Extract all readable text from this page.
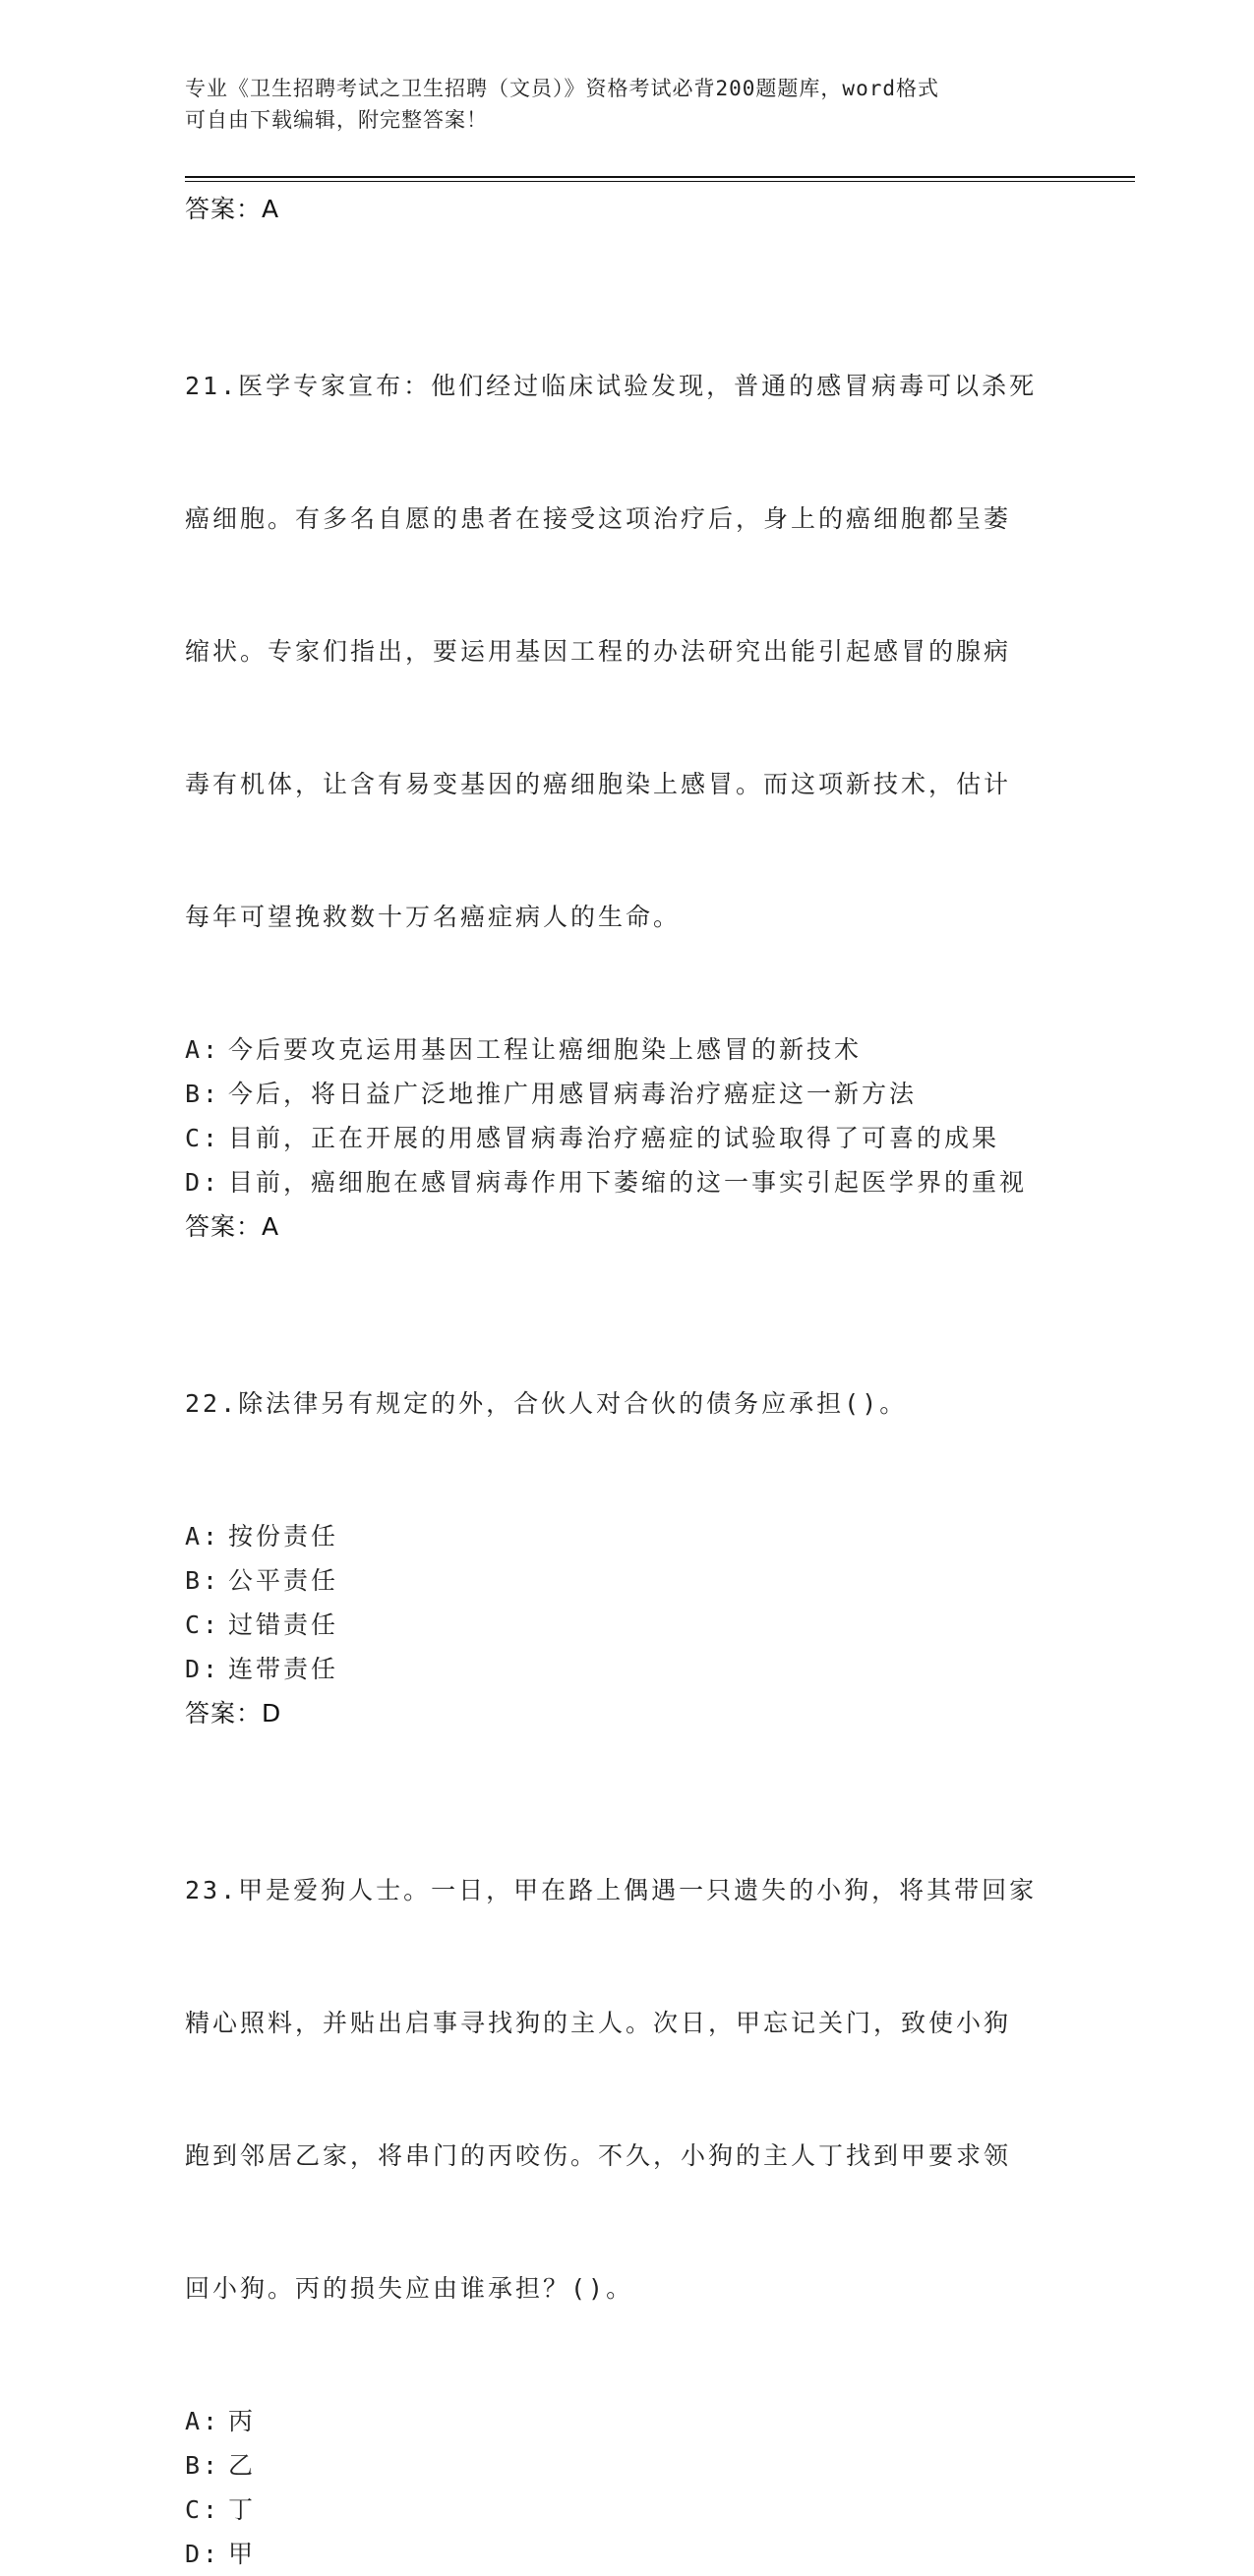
专业《卫生招聘考试之卫生招聘（文员）》资格考试必背200题题库，word格式
可自由下载编辑，附完整答案！
答案：A

21.医学专家宣布：他们经过临床试验发现，普通的感冒病毒可以杀死

癌细胞。有多名自愿的患者在接受这项治疗后，身上的癌细胞都呈萎

缩状。专家们指出，要运用基因工程的办法研究出能引起感冒的腺病

毒有机体，让含有易变基因的癌细胞染上感冒。而这项新技术，估计

每年可望挽救数十万名癌症病人的生命。

A: 今后要攻克运用基因工程让癌细胞染上感冒的新技术
B: 今后，将日益广泛地推广用感冒病毒治疗癌症这一新方法
C: 目前，正在开展的用感冒病毒治疗癌症的试验取得了可喜的成果
D: 目前，癌细胞在感冒病毒作用下萎缩的这一事实引起医学界的重视
答案：A

22.除法律另有规定的外，合伙人对合伙的债务应承担()。

A: 按份责任
B: 公平责任
C: 过错责任
D: 连带责任
答案：D

23.甲是爱狗人士。一日，甲在路上偶遇一只遗失的小狗，将其带回家

精心照料，并贴出启事寻找狗的主人。次日，甲忘记关门，致使小狗

跑到邻居乙家，将串门的丙咬伤。不久，小狗的主人丁找到甲要求领

回小狗。丙的损失应由谁承担？()。

A: 丙
B: 乙
C: 丁
D: 甲
